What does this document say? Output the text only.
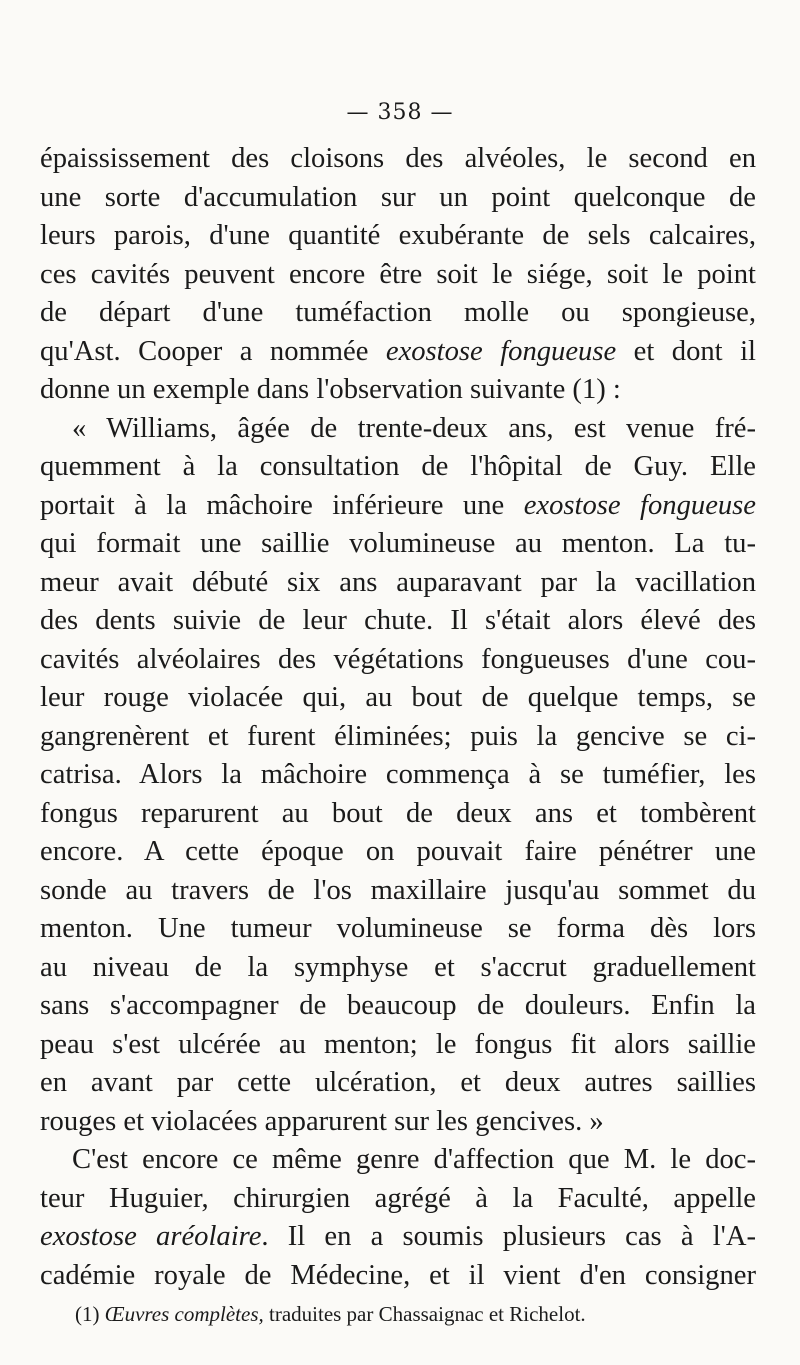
— 358 —
épaississement des cloisons des alvéoles, le second en
une sorte d'accumulation sur un point quelconque de
leurs parois, d'une quantité exubérante de sels calcaires,
ces cavités peuvent encore être soit le siége, soit le point
de départ d'une tuméfaction molle ou spongieuse,
qu'Ast. Cooper a nommée exostose fongueuse et dont il
donne un exemple dans l'observation suivante (1) :
« Williams, âgée de trente-deux ans, est venue fré-
quemment à la consultation de l'hôpital de Guy. Elle
portait à la mâchoire inférieure une exostose fongueuse
qui formait une saillie volumineuse au menton. La tu-
meur avait débuté six ans auparavant par la vacillation
des dents suivie de leur chute. Il s'était alors élevé des
cavités alvéolaires des végétations fongueuses d'une cou-
leur rouge violacée qui, au bout de quelque temps, se
gangrenèrent et furent éliminées; puis la gencive se ci-
catrisa. Alors la mâchoire commença à se tuméfier, les
fongus reparurent au bout de deux ans et tombèrent
encore. A cette époque on pouvait faire pénétrer une
sonde au travers de l'os maxillaire jusqu'au sommet du
menton. Une tumeur volumineuse se forma dès lors
au niveau de la symphyse et s'accrut graduellement
sans s'accompagner de beaucoup de douleurs. Enfin la
peau s'est ulcérée au menton; le fongus fit alors saillie
en avant par cette ulcération, et deux autres saillies
rouges et violacées apparurent sur les gencives. »
C'est encore ce même genre d'affection que M. le doc-
teur Huguier, chirurgien agrégé à la Faculté, appelle
exostose aréolaire. Il en a soumis plusieurs cas à l'A-
cadémie royale de Médecine, et il vient d'en consigner
(1) Œuvres complètes, traduites par Chassaignac et Richelot.
